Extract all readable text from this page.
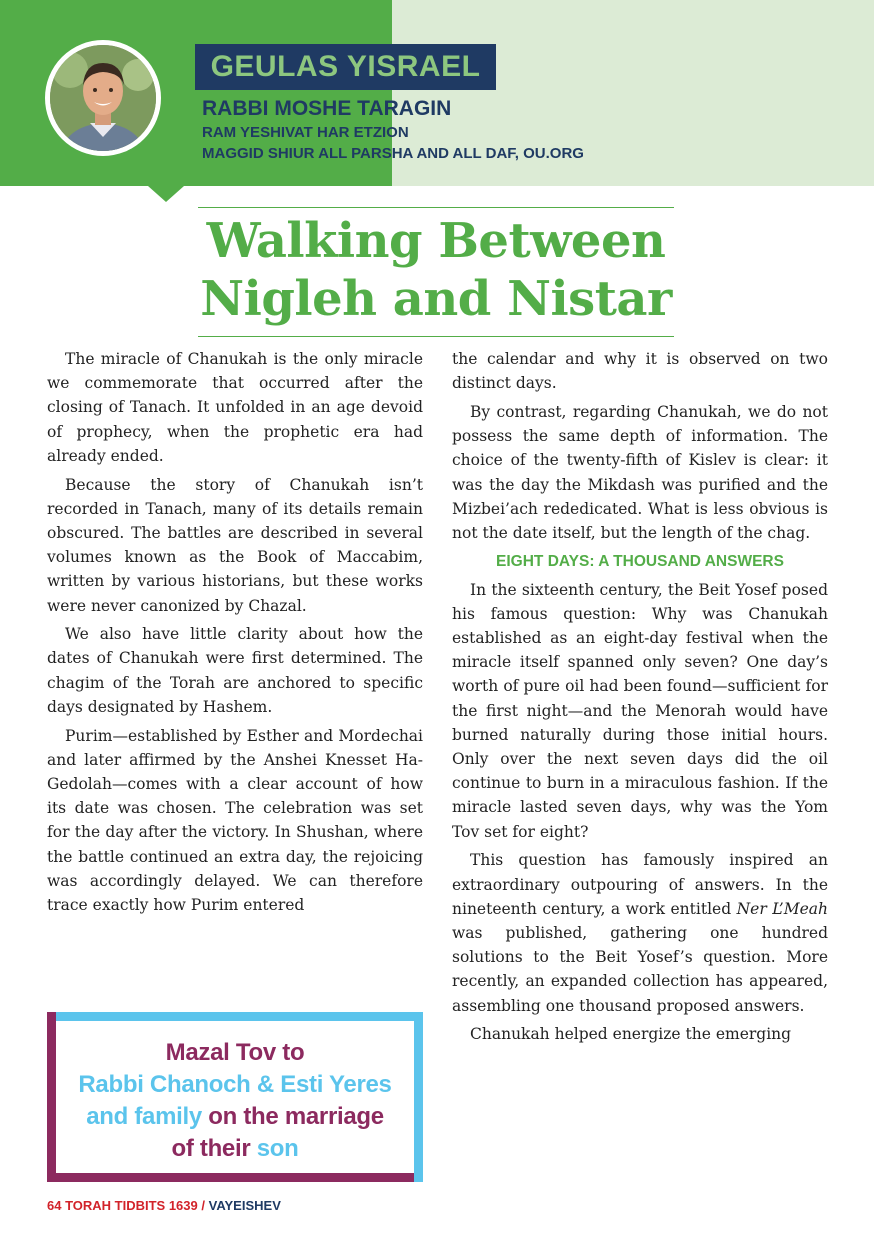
GEULAS YISRAEL
RABBI MOSHE TARAGIN
RAM YESHIVAT HAR ETZION
MAGGID SHIUR ALL PARSHA AND ALL DAF, OU.ORG
Walking Between
Nigleh and Nistar

The miracle of Chanukah is the only miracle we commemorate that occurred after the closing of Tanach. It unfolded in an age devoid of prophecy, when the prophetic era had already ended.

Because the story of Chanukah isn’t recorded in Tanach, many of its details remain obscured. The battles are described in several volumes known as the Book of Maccabim, written by various historians, but these works were never canonized by Chazal.

We also have little clarity about how the dates of Chanukah were first determined. The chagim of the Torah are anchored to specific days designated by Hashem.

Purim—established by Esther and Mordechai and later affirmed by the Anshei Knesset Ha-Gedolah—comes with a clear account of how its date was chosen. The celebration was set for the day after the victory. In Shushan, where the battle continued an extra day, the rejoicing was accordingly delayed. We can therefore trace exactly how Purim entered

the calendar and why it is observed on two distinct days.

By contrast, regarding Chanukah, we do not possess the same depth of information. The choice of the twenty-fifth of Kislev is clear: it was the day the Mikdash was purified and the Mizbei’ach rededicated. What is less obvious is not the date itself, but the length of the chag.

EIGHT DAYS: A THOUSAND ANSWERS

In the sixteenth century, the Beit Yosef posed his famous question: Why was Chanukah established as an eight-day festival when the miracle itself spanned only seven? One day’s worth of pure oil had been found—sufficient for the first night—and the Menorah would have burned naturally during those initial hours. Only over the next seven days did the oil continue to burn in a miraculous fashion. If the miracle lasted seven days, why was the Yom Tov set for eight?

This question has famously inspired an extraordinary outpouring of answers. In the nineteenth century, a work entitled Ner L’Meah was published, gathering one hundred solutions to the Beit Yosef’s question. More recently, an expanded collection has appeared, assembling one thousand proposed answers.

Chanukah helped energize the emerging

Mazal Tov to
Rabbi Chanoch & Esti Yeres
and family on the marriage
of their son
64 TORAH TIDBITS 1639 / VAYEISHEV
